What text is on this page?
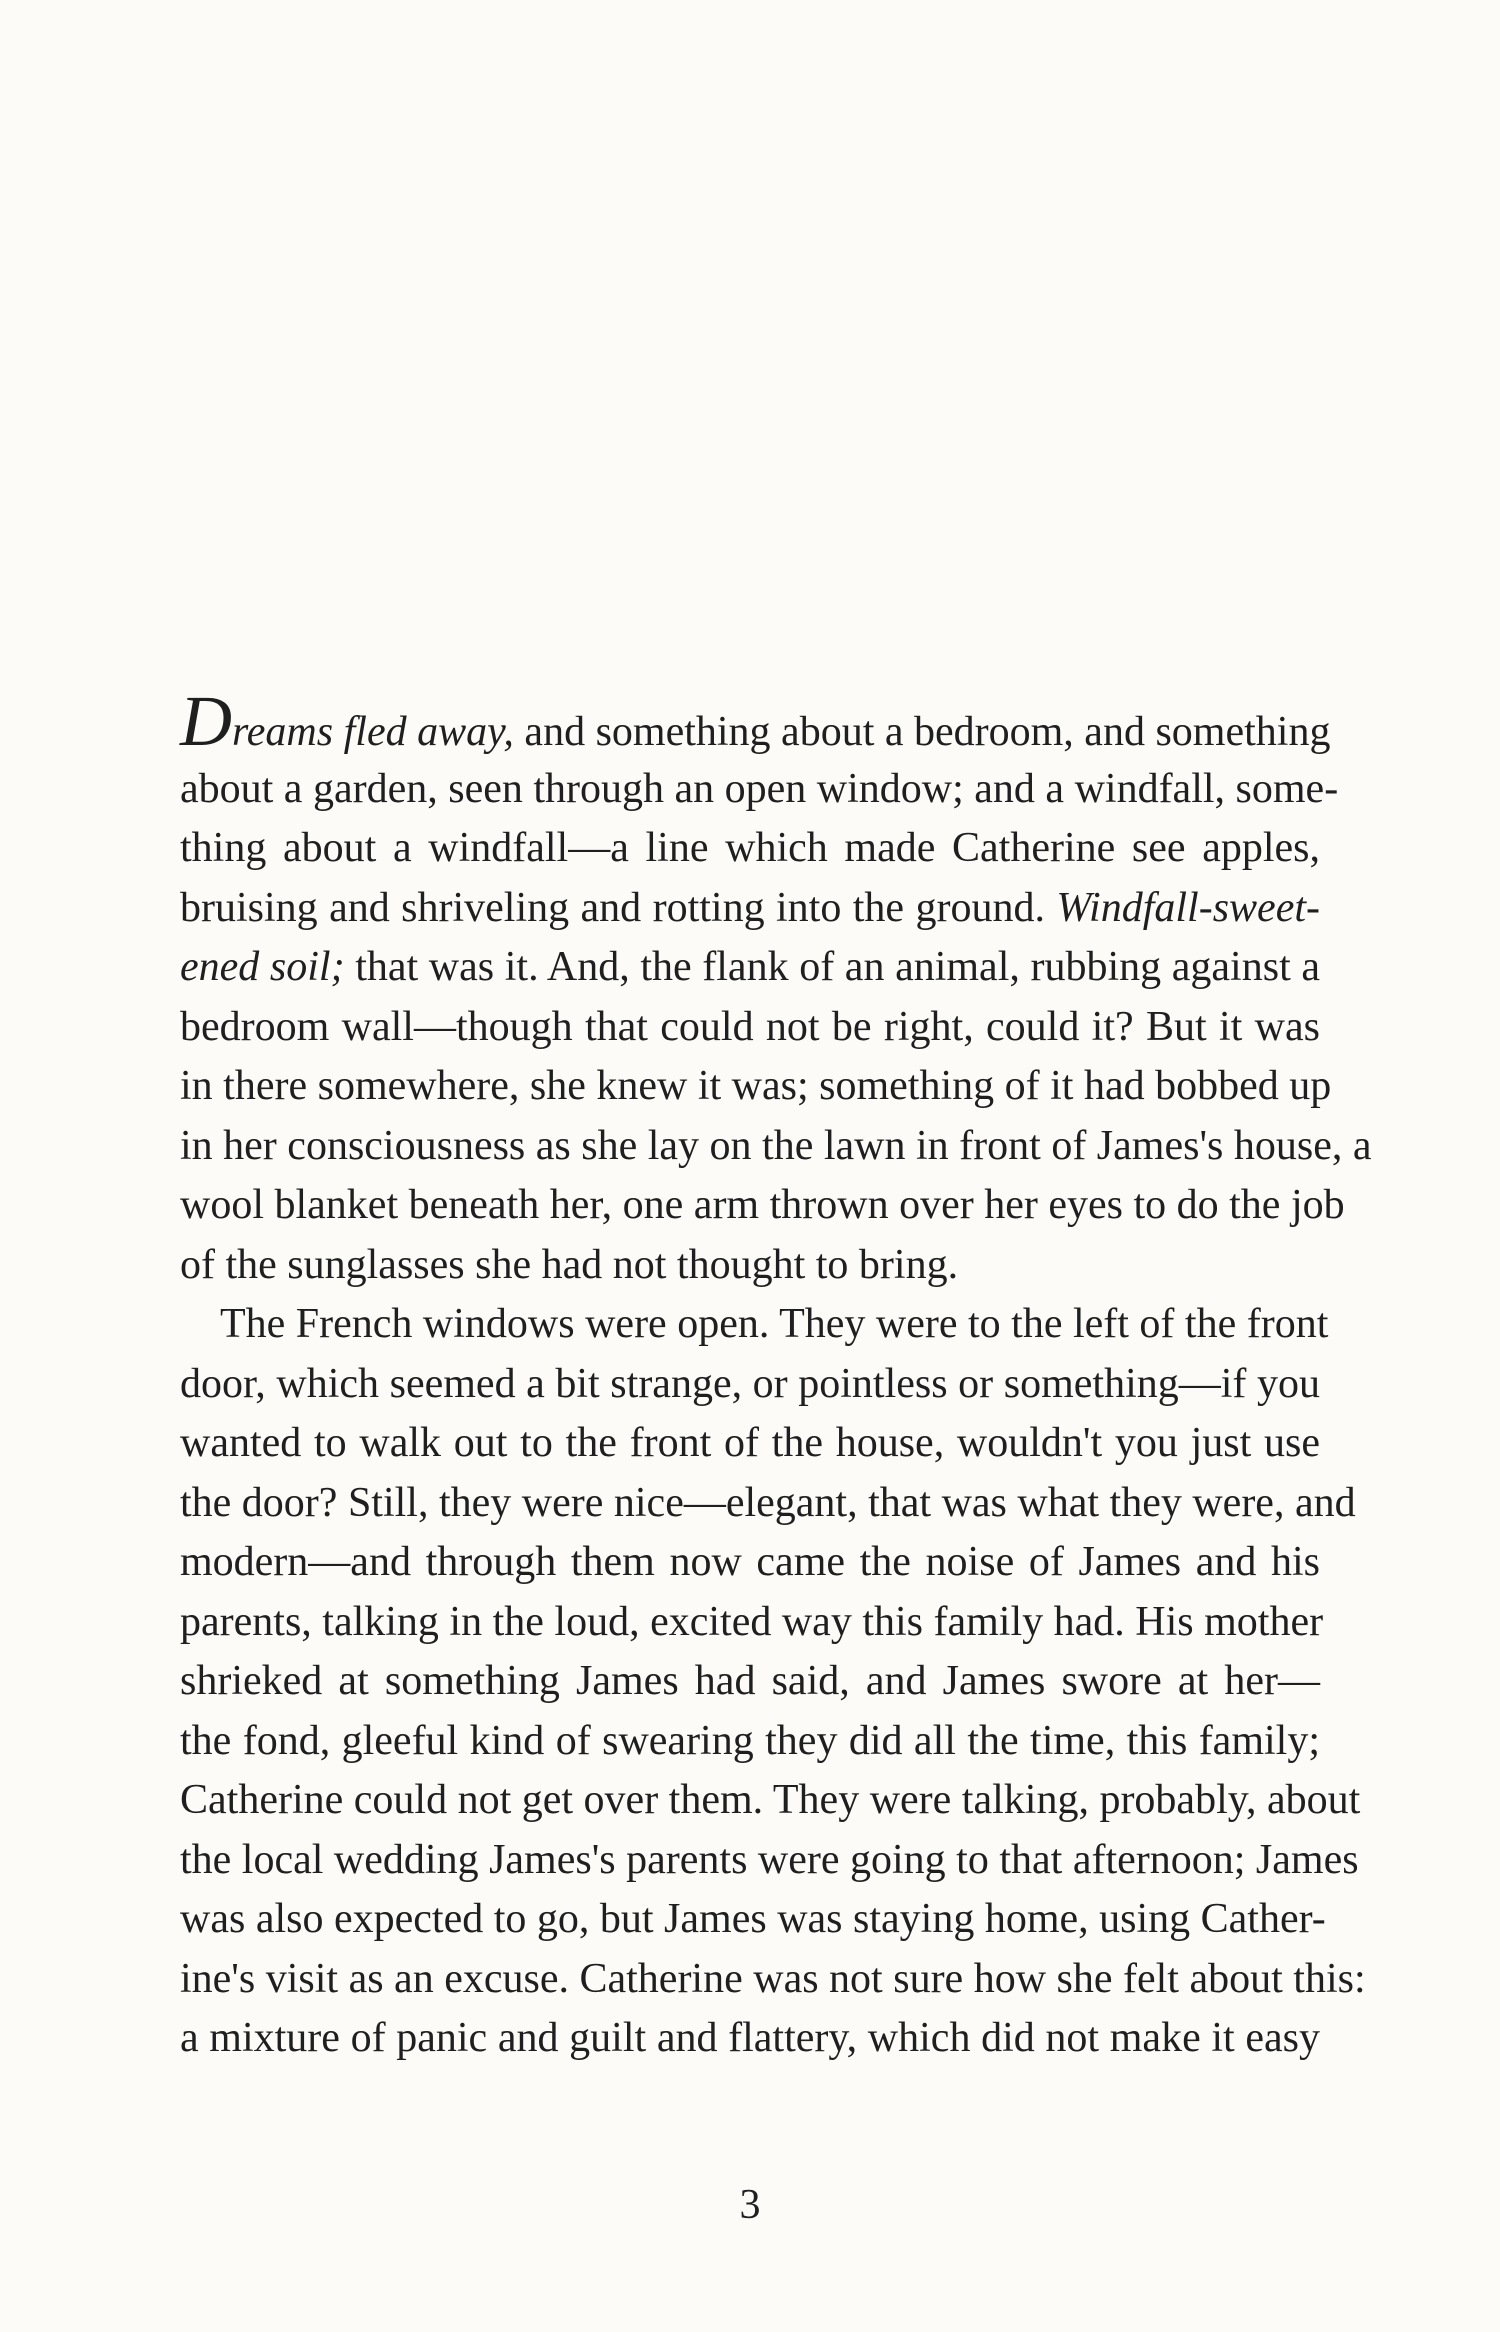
Dreams fled away, and something about a bedroom, and something
about a garden, seen through an open window; and a windfall, some-
thing about a windfall—a line which made Catherine see apples,
bruising and shriveling and rotting into the ground. Windfall-sweet-
ened soil; that was it. And, the flank of an animal, rubbing against a
bedroom wall—though that could not be right, could it? But it was
in there somewhere, she knew it was; something of it had bobbed up
in her consciousness as she lay on the lawn in front of James's house, a
wool blanket beneath her, one arm thrown over her eyes to do the job
of the sunglasses she had not thought to bring.
The French windows were open. They were to the left of the front
door, which seemed a bit strange, or pointless or something—if you
wanted to walk out to the front of the house, wouldn't you just use
the door? Still, they were nice—elegant, that was what they were, and
modern—and through them now came the noise of James and his
parents, talking in the loud, excited way this family had. His mother
shrieked at something James had said, and James swore at her—
the fond, gleeful kind of swearing they did all the time, this family;
Catherine could not get over them. They were talking, probably, about
the local wedding James's parents were going to that afternoon; James
was also expected to go, but James was staying home, using Cather-
ine's visit as an excuse. Catherine was not sure how she felt about this:
a mixture of panic and guilt and flattery, which did not make it easy
3
